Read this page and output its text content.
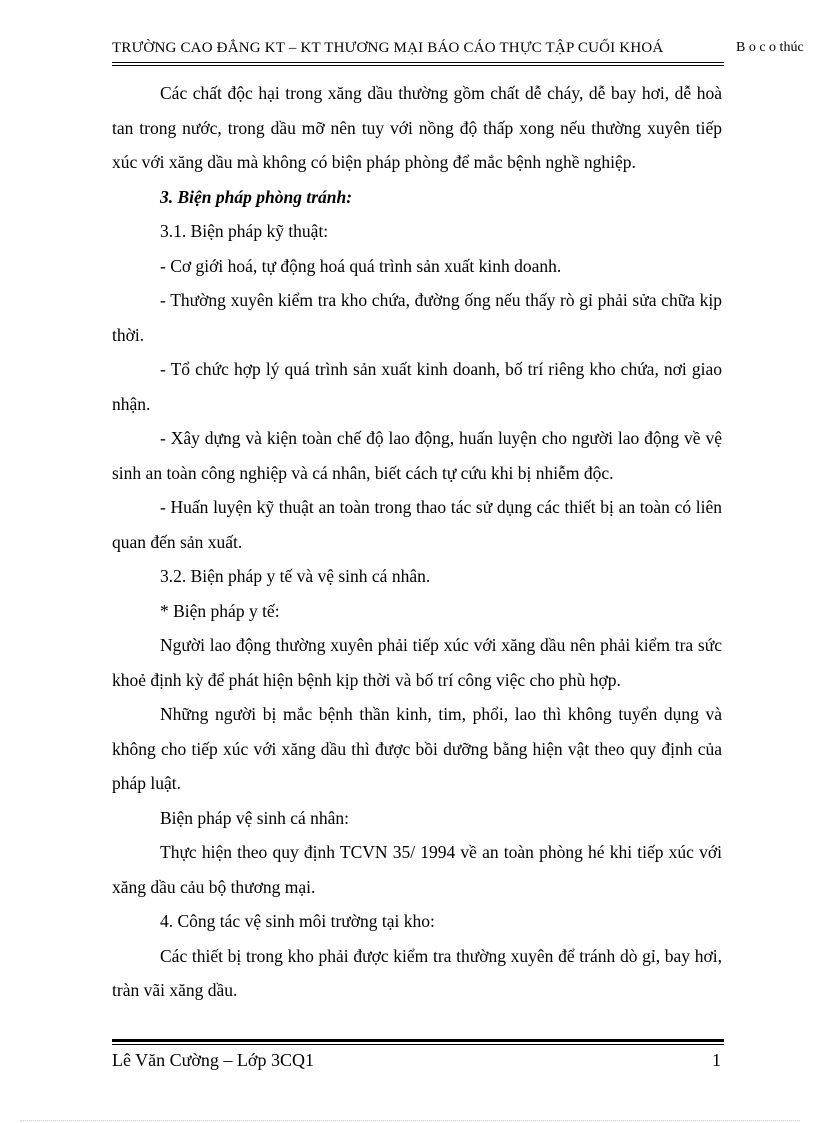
TRƯỜNG CAO ĐẲNG KT – KT THƯƠNG MẠI BÁO CÁO THỰC TẬP CUỐI KHOÁ	B o c o thúc

Các chất độc hại trong xăng dầu thường gồm chất dễ cháy, dễ bay hơi, dễ hoà tan trong nước, trong dầu mỡ nên tuy với nồng độ thấp xong nếu thường xuyên tiếp xúc với xăng dầu mà không có biện pháp phòng để mắc bệnh nghề nghiệp.

3. Biện pháp phòng tránh:

3.1. Biện pháp kỹ thuật:

- Cơ giới hoá, tự động hoá quá trình sản xuất kinh doanh.

- Thường xuyên kiểm tra kho chứa, đường ống nếu thấy rò gỉ phải sửa chữa kịp thời.

- Tổ chức hợp lý quá trình sản xuất kinh doanh, bố trí riêng kho chứa, nơi giao nhận.

- Xây dựng và kiện toàn chế độ lao động, huấn luyện cho người lao động về vệ sinh an toàn công nghiệp và cá nhân, biết cách tự cứu khi bị nhiễm độc.

- Huấn luyện kỹ thuật an toàn trong thao tác sử dụng các thiết bị an toàn có liên quan đến sản xuất.

3.2. Biện pháp y tế và vệ sinh cá nhân.

* Biện pháp y tế:

Người lao động thường xuyên phải tiếp xúc với xăng dầu nên phải kiểm tra sức khoẻ định kỳ để phát hiện bệnh kịp thời và bố trí công việc cho phù hợp.

Những người bị mắc bệnh thần kinh, tim, phổi, lao thì không tuyển dụng và không cho tiếp xúc với xăng dầu thì được bồi dưỡng bằng hiện vật theo quy định của pháp luật.

Biện pháp vệ sinh cá nhân:

Thực hiện theo quy định TCVN 35/ 1994 về an toàn phòng hé khi tiếp xúc với xăng dầu cảu bộ thương mại.

4. Công tác vệ sinh môi trường tại kho:

Các thiết bị trong kho phải được kiểm tra thường xuyên để tránh dò gỉ, bay hơi, tràn vãi xăng dầu.

Lê Văn Cường – Lớp 3CQ1	1
